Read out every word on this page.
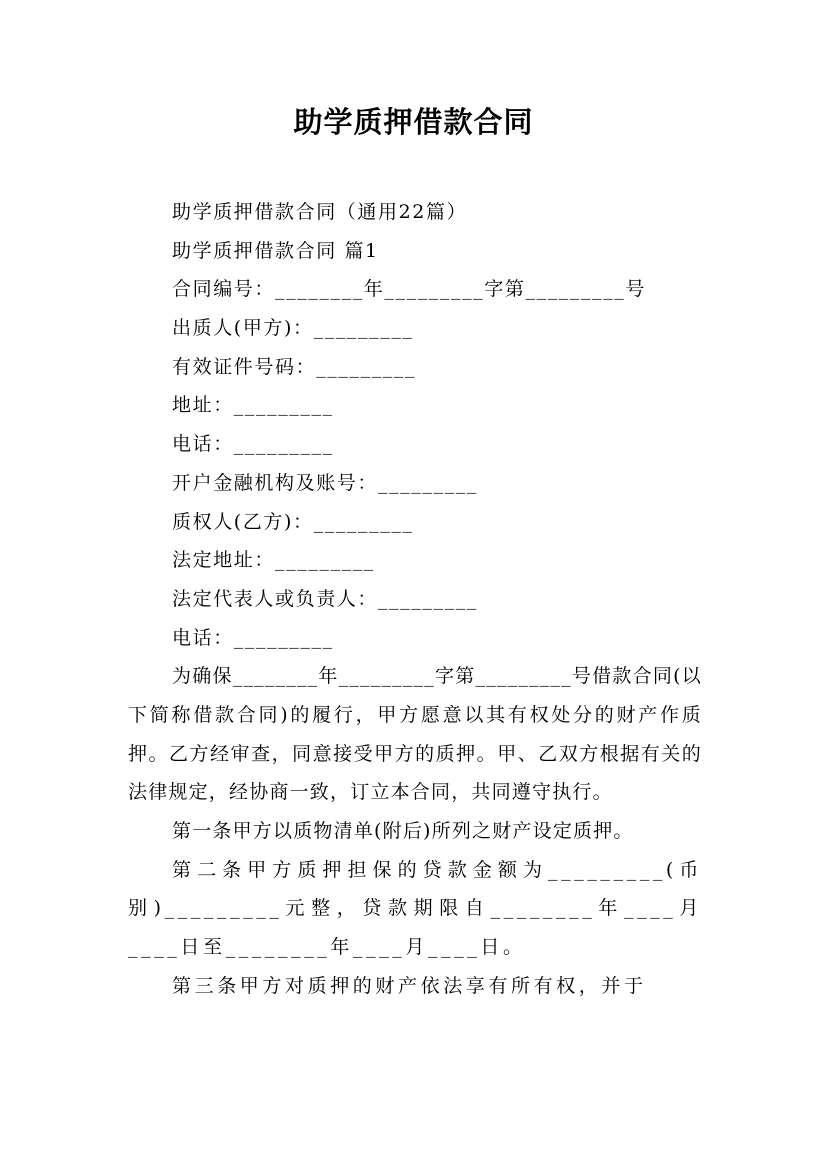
助学质押借款合同
助学质押借款合同（通用22篇）
助学质押借款合同 篇1
合同编号：________年_________字第_________号
出质人(甲方)：_________
有效证件号码：_________
地址：_________
电话：_________
开户金融机构及账号：_________
质权人(乙方)：_________
法定地址：_________
法定代表人或负责人：_________
电话：_________
为确保________年_________字第_________号借款合同(以下简称借款合同)的履行，甲方愿意以其有权处分的财产作质押。乙方经审查，同意接受甲方的质押。甲、乙双方根据有关的法律规定，经协商一致，订立本合同，共同遵守执行。
第一条甲方以质物清单(附后)所列之财产设定质押。
第二条甲方质押担保的贷款金额为_________(币别)_________元整，贷款期限自________年____月____日至________年____月____日。
第三条甲方对质押的财产依法享有所有权，并于
